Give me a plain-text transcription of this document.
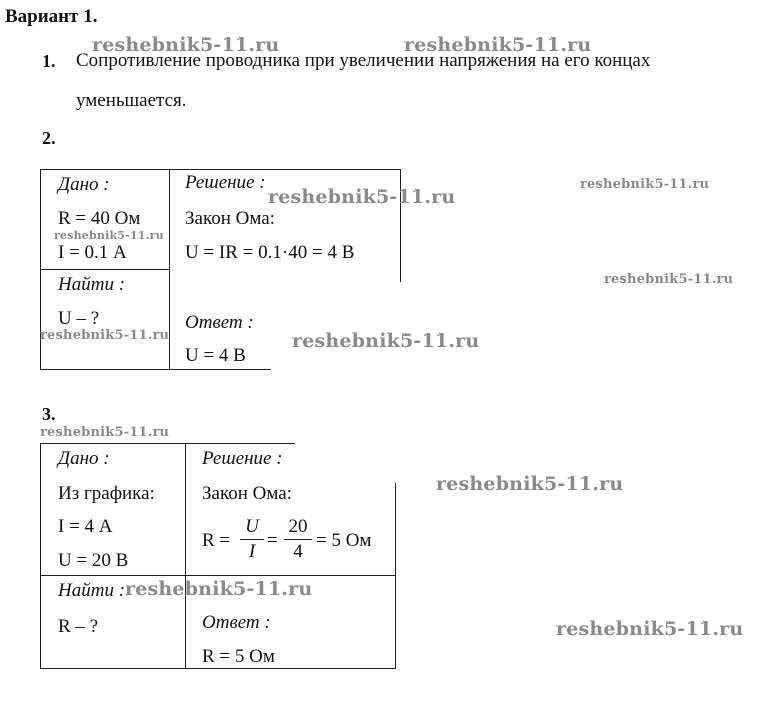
Вариант 1.
1. Сопротивление проводника при увеличении напряжения на его концах
уменьшается.
2.
Дано :
R = 40 Ом
I = 0.1 А
Найти :
U – ?
Решение :
Закон Ома:
U = IR = 0.1·40 = 4 В
Ответ :
U = 4 В
3.
Дано :
Из графика:
I = 4 А
U = 20 В
Найти :
R – ?
Решение :
Закон Ома:
$R = \frac{U}{I} = \frac{20}{4} = 5$ Ом
Ответ :
R = 5 Ом
reshebnik5-11.ru	reshebnik5-11.ru
reshebnik5-11.ru
reshebnik5-11.ru
reshebnik5-11.ru
reshebnik5-11.ru
reshebnik5-11.ru	reshebnik5-11.ru
reshebnik5-11.ru
reshebnik5-11.ru
reshebnik5-11.ru
reshebnik5-11.ru
